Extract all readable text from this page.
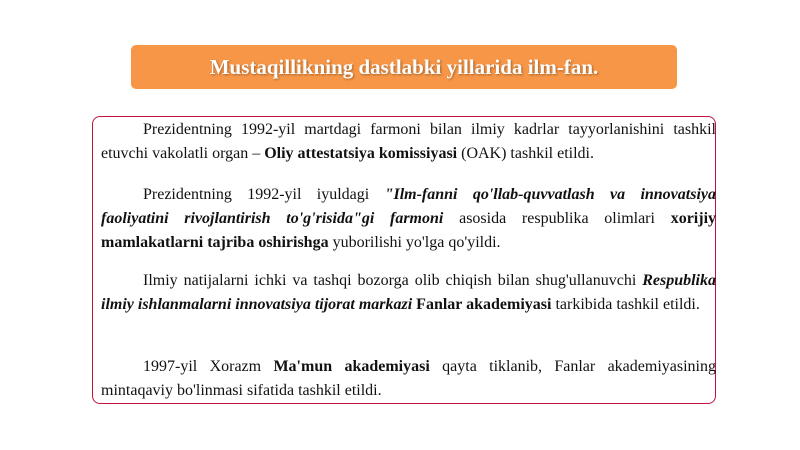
Mustaqillikning dastlabki yillarida ilm-fan.

Prezidentning 1992-yil martdagi farmoni bilan ilmiy kadrlar tayyorlanishini tashkil etuvchi vakolatli organ – Oliy attestatsiya komissiyasi (OAK) tashkil etildi.

Prezidentning 1992-yil iyuldagi "Ilm-fanni qo'llab-quvvatlash va innovatsiya faoliyatini rivojlantirish to'g'risida"gi farmoni asosida respublika olimlari xorijiy mamlakatlarni tajriba oshirishga yuborilishi yo'lga qo'yildi.

Ilmiy natijalarni ichki va tashqi bozorga olib chiqish bilan shug'ullanuvchi Respublika ilmiy ishlanmalarni innovatsiya tijorat markazi Fanlar akademiyasi tarkibida tashkil etildi.

1997-yil Xorazm Ma'mun akademiyasi qayta tiklanib, Fanlar akademiyasining mintaqaviy bo'linmasi sifatida tashkil etildi.
